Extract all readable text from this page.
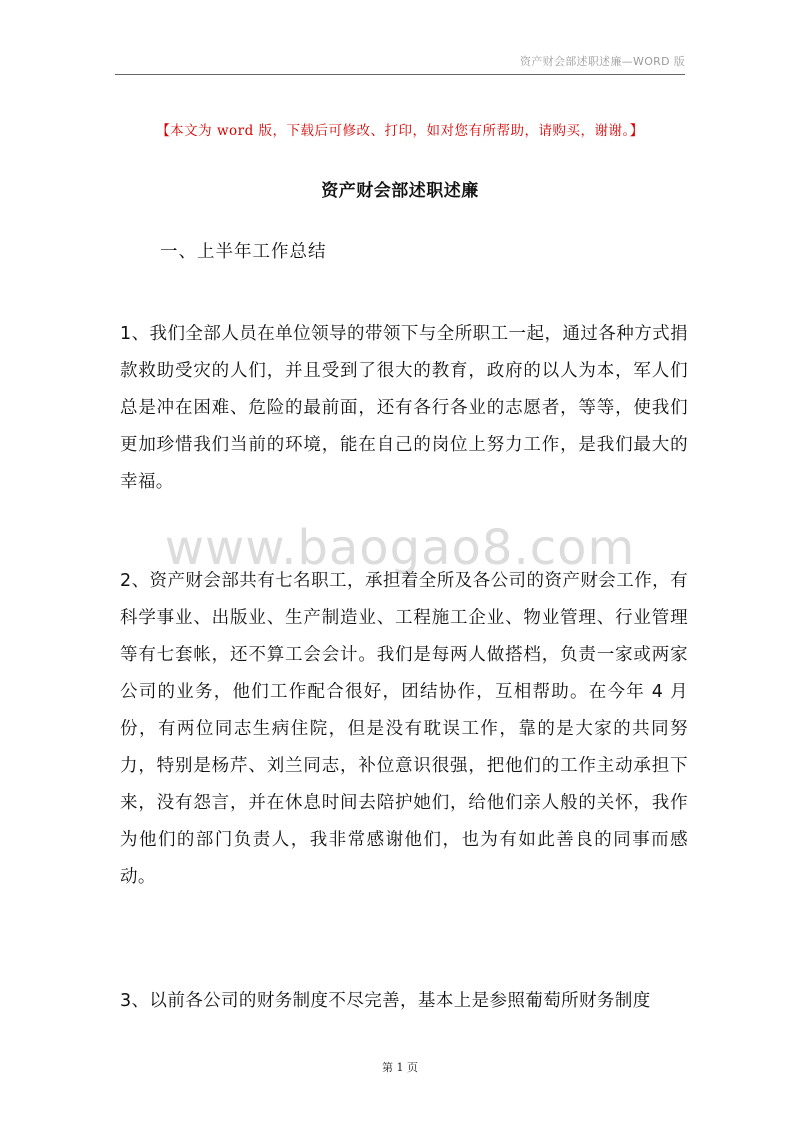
资产财会部述职述廉—WORD 版
【本文为 word 版，下载后可修改、打印，如对您有所帮助，请购买，谢谢。】
资产财会部述职述廉
一、上半年工作总结

1、我们全部人员在单位领导的带领下与全所职工一起，通过各种方式捐款救助受灾的人们，并且受到了很大的教育，政府的以人为本，军人们总是冲在困难、危险的最前面，还有各行各业的志愿者，等等，使我们更加珍惜我们当前的环境，能在自己的岗位上努力工作，是我们最大的幸福。

www.baogao8.com

2、资产财会部共有七名职工，承担着全所及各公司的资产财会工作，有科学事业、出版业、生产制造业、工程施工企业、物业管理、行业管理等有七套帐，还不算工会会计。我们是每两人做搭档，负责一家或两家公司的业务，他们工作配合很好，团结协作，互相帮助。在今年 4 月份，有两位同志生病住院，但是没有耽误工作，靠的是大家的共同努力，特别是杨芹、刘兰同志，补位意识很强，把他们的工作主动承担下来，没有怨言，并在休息时间去陪护她们，给他们亲人般的关怀，我作为他们的部门负责人，我非常感谢他们，也为有如此善良的同事而感动。

3、以前各公司的财务制度不尽完善，基本上是参照葡萄所财务制度

第 1 页
